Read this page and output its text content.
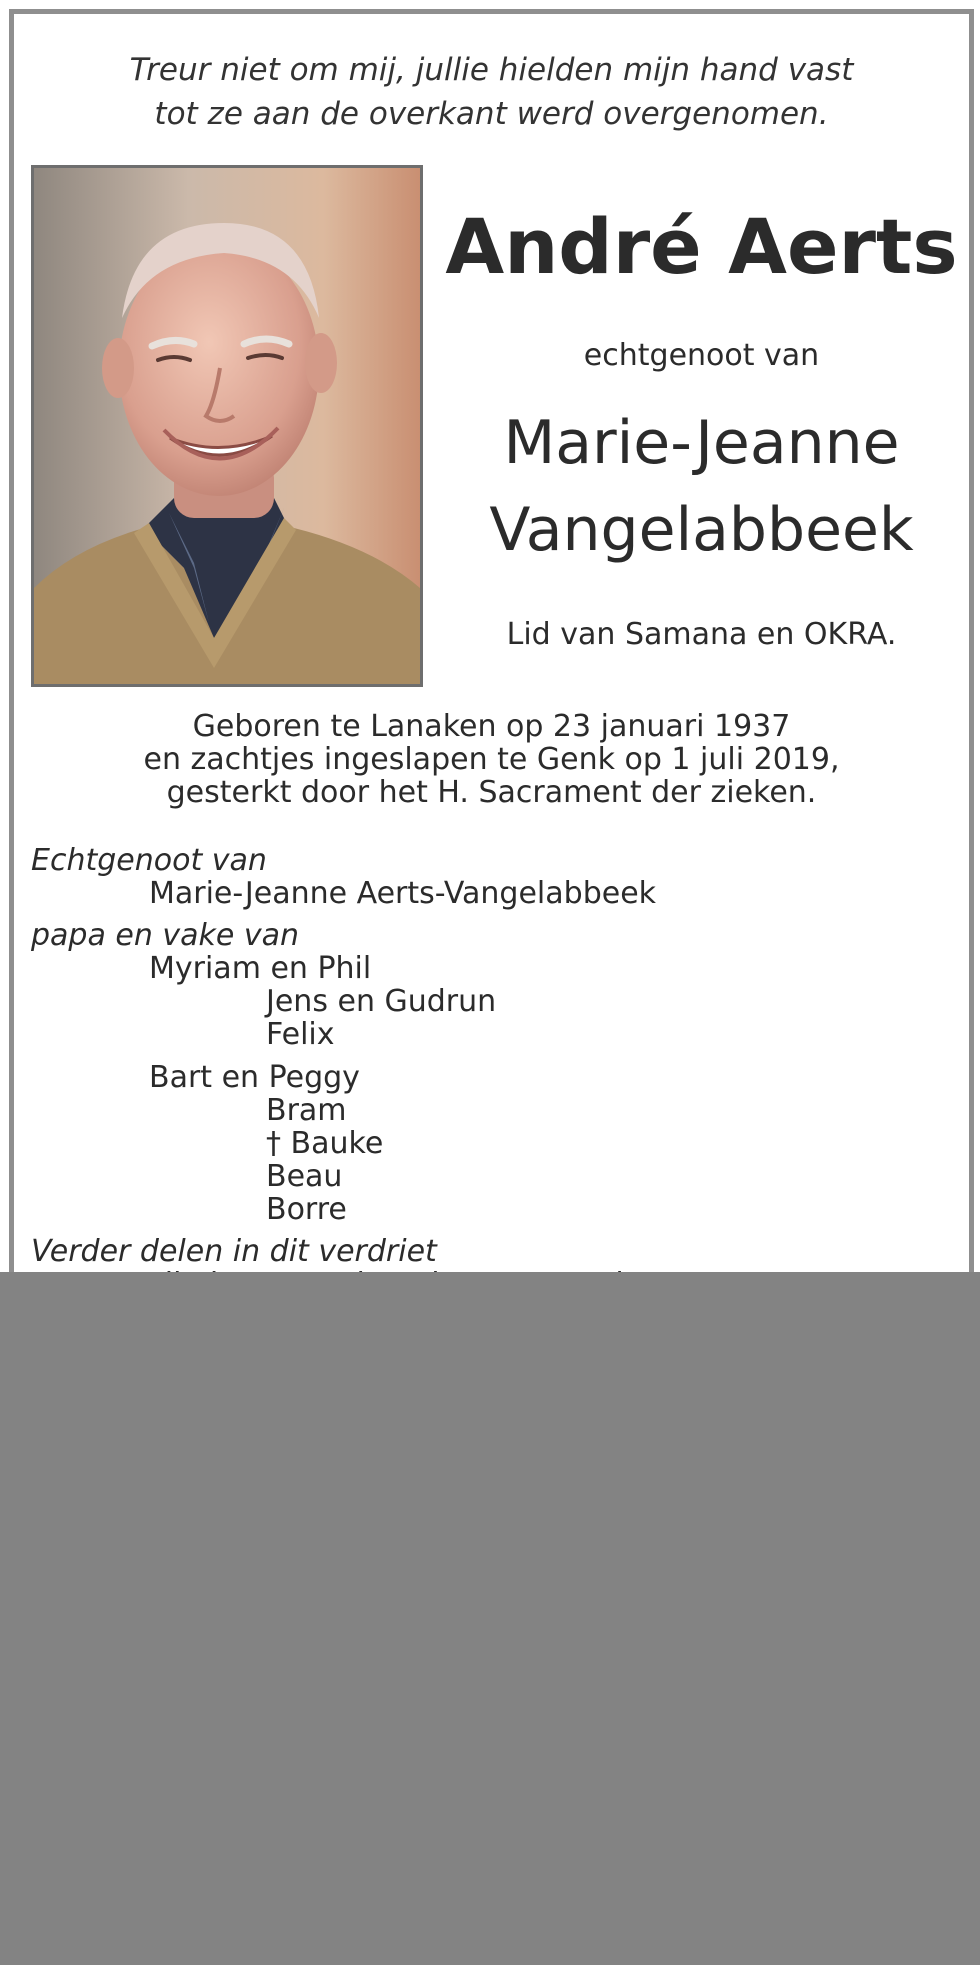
Treur niet om mij, jullie hielden mijn hand vast
tot ze aan de overkant werd overgenomen.
André Aerts
echtgenoot van
Marie-Jeanne
Vangelabbeek
Lid van Samana en OKRA.
Geboren te Lanaken op 23 januari 1937
en zachtjes ingeslapen te Genk op 1 juli 2019,
gesterkt door het H. Sacrament der zieken.
Echtgenoot van
Marie-Jeanne Aerts-Vangelabbeek
papa en vake van
Myriam en Phil
Jens en Gudrun
Felix
Bart en Peggy
Bram
† Bauke
Beau
Borre
Verder delen in dit verdriet
